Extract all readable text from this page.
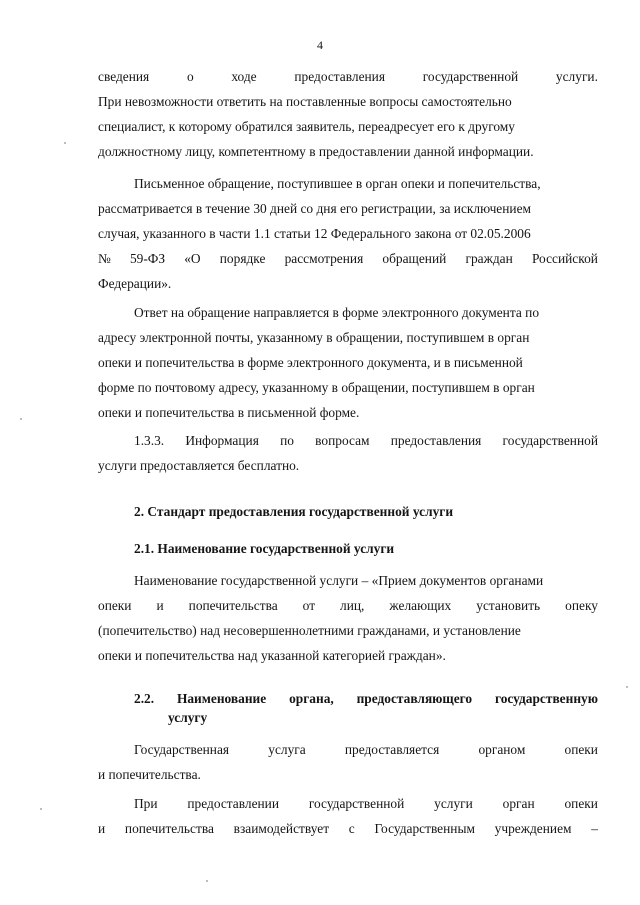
4
сведения	о	ходе	предоставления	государственной	услуги.
При невозможности ответить на поставленные вопросы самостоятельно
специалист, к которому обратился заявитель, переадресует его к другому
должностному лицу, компетентному в предоставлении данной информации.
Письменное обращение, поступившее в орган опеки и попечительства,
рассматривается в течение 30 дней со дня его регистрации, за исключением
случая, указанного в части 1.1 статьи 12 Федерального закона от 02.05.2006
№ 59-ФЗ «О порядке рассмотрения обращений граждан Российской
Федерации».
Ответ на обращение направляется в форме электронного документа по
адресу электронной почты, указанному в обращении, поступившем в орган
опеки и попечительства в форме электронного документа, и в письменной
форме по почтовому адресу, указанному в обращении, поступившем в орган
опеки и попечительства в письменной форме.
1.3.3. Информация по вопросам предоставления государственной
услуги предоставляется бесплатно.
2. Стандарт предоставления государственной услуги
2.1. Наименование государственной услуги
Наименование государственной услуги – «Прием документов органами
опеки и попечительства от лиц, желающих установить опеку
(попечительство) над несовершеннолетними гражданами, и установление
опеки и попечительства над указанной категорией граждан».
2.2. Наименование органа, предоставляющего государственную
услугу
Государственная	услуга	предоставляется	органом	опеки
и попечительства.
При предоставлении государственной услуги орган опеки
и попечительства взаимодействует с Государственным учреждением –
